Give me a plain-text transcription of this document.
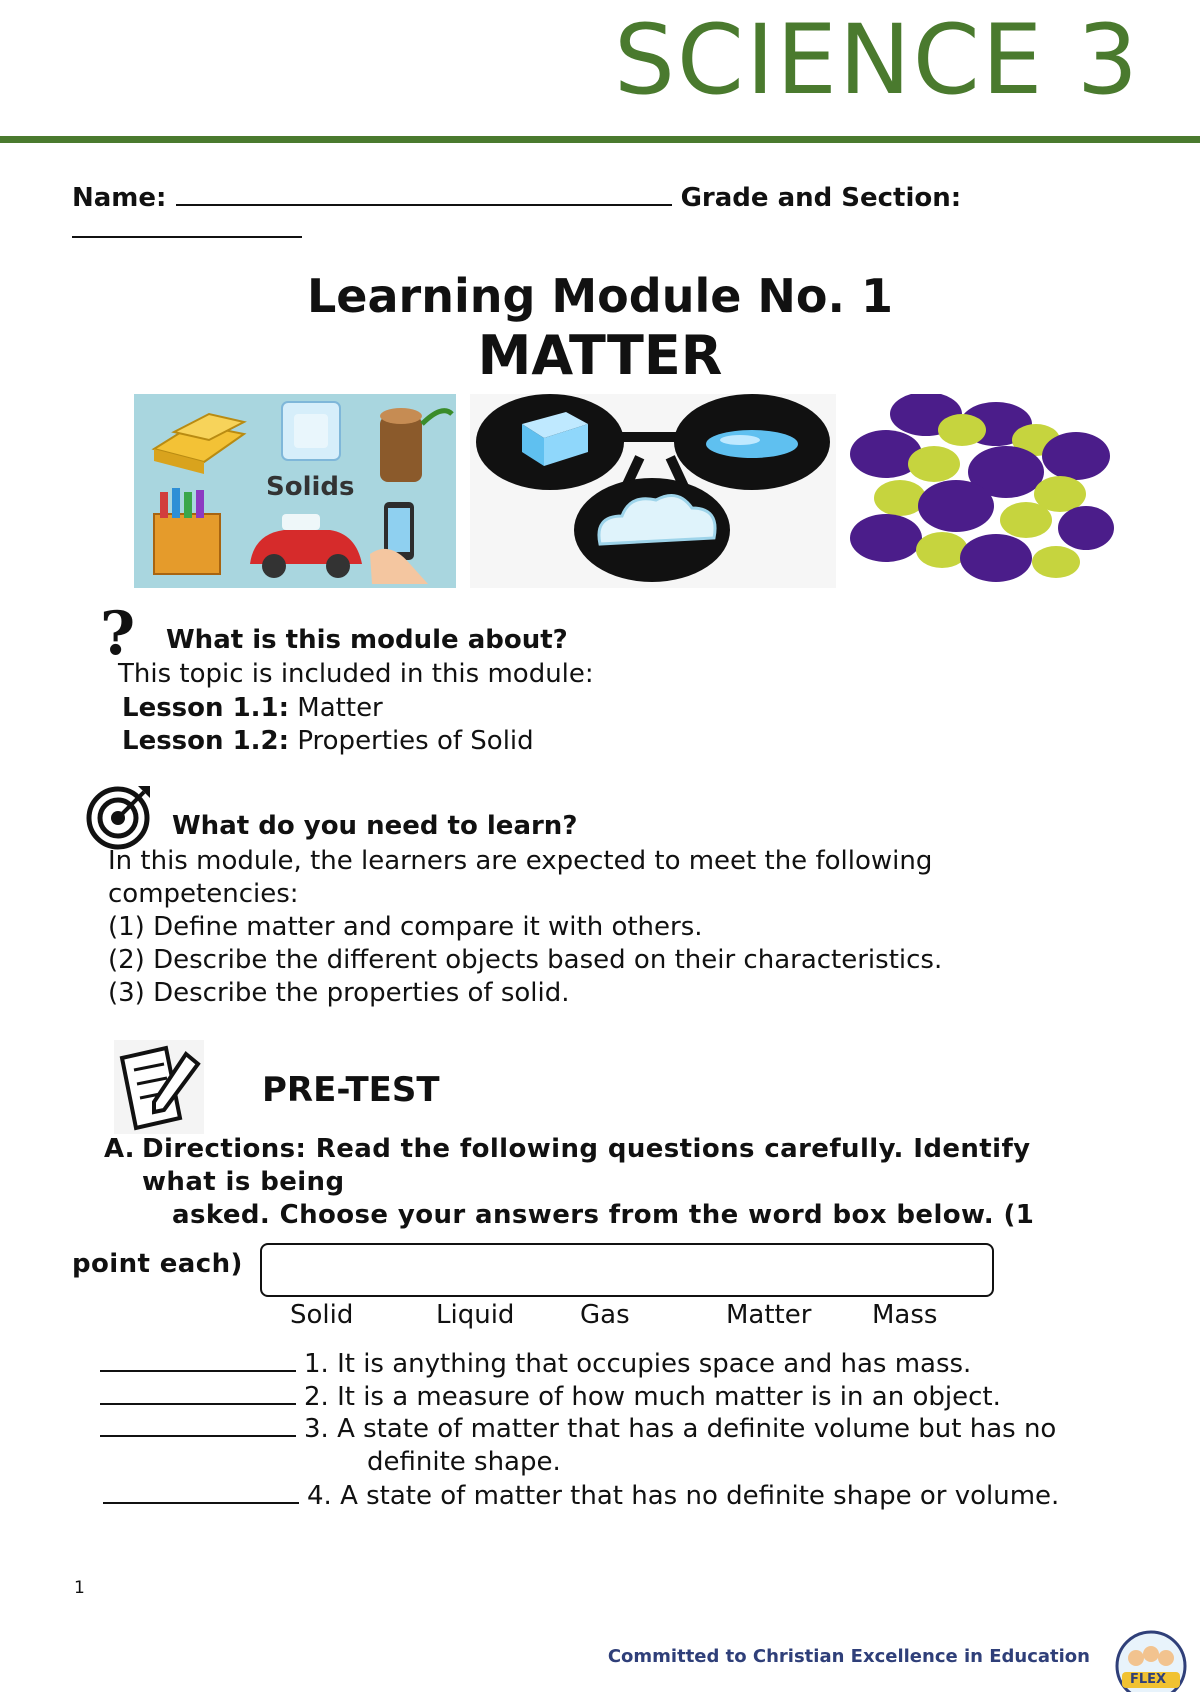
SCIENCE 3
Name:	Grade and Section:
Learning Module No. 1
MATTER
Solids
? What is this module about?
This topic is included in this module:
Lesson 1.1: Matter
Lesson 1.2: Properties of Solid
What do you need to learn?
In this module, the learners are expected to meet the following
competencies:
(1) Define matter and compare it with others.
(2) Describe the different objects based on their characteristics.
(3) Describe the properties of solid.
PRE-TEST
A. Directions: Read the following questions carefully. Identify
what is being
asked. Choose your answers from the word box below. (1
point each)
Solid	Liquid	Gas	Matter Mass
1. It is anything that occupies space and has mass.
2. It is a measure of how much matter is in an object.
3. A state of matter that has a definite volume but has no
definite shape.
4. A state of matter that has no definite shape or volume.
1
Committed to Christian Excellence in Education
FLEX
